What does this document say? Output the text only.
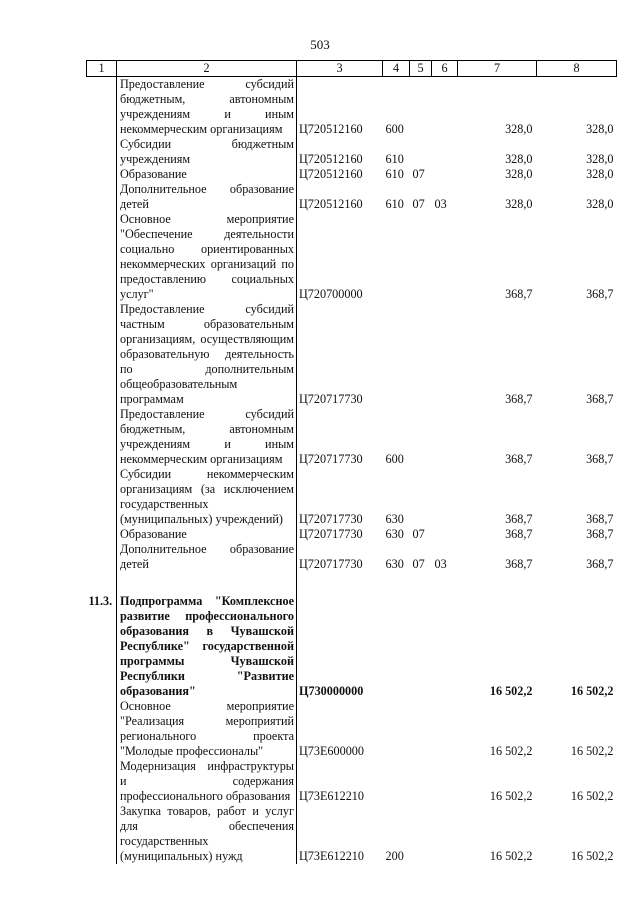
503
1	2	3	4	5	6	7	8
	Предоставление субсидий бюджетным, автономным учреждениям и иным некоммерческим организациям	Ц720512160	600			328,0	328,0
	Субсидии бюджетным учреждениям	Ц720512160	610			328,0	328,0
	Образование	Ц720512160	610	07		328,0	328,0
	Дополнительное образование детей	Ц720512160	610	07	03	328,0	328,0
	Основное мероприятие "Обеспечение деятельности социально ориентированных некоммерческих организаций по предоставлению социальных услуг"	Ц720700000				368,7	368,7
	Предоставление субсидий частным образовательным организациям, осуществляющим образовательную деятельность по дополнительным общеобразовательным программам	Ц720717730				368,7	368,7
	Предоставление субсидий бюджетным, автономным учреждениям и иным некоммерческим организациям	Ц720717730	600			368,7	368,7
	Субсидии некоммерческим организациям (за исключением государственных (муниципальных) учреждений)	Ц720717730	630			368,7	368,7
	Образование	Ц720717730	630	07		368,7	368,7
	Дополнительное образование детей	Ц720717730	630	07	03	368,7	368,7

11.3.	Подпрограмма "Комплексное развитие профессионального образования в Чувашской Республике" государственной программы Чувашской Республики "Развитие образования"	Ц730000000				16 502,2	16 502,2
	Основное мероприятие "Реализация мероприятий регионального проекта "Молодые профессионалы"	Ц73Е600000				16 502,2	16 502,2
	Модернизация инфраструктуры и содержания профессионального образования	Ц73Е612210				16 502,2	16 502,2
	Закупка товаров, работ и услуг для обеспечения государственных (муниципальных) нужд	Ц73Е612210	200			16 502,2	16 502,2
